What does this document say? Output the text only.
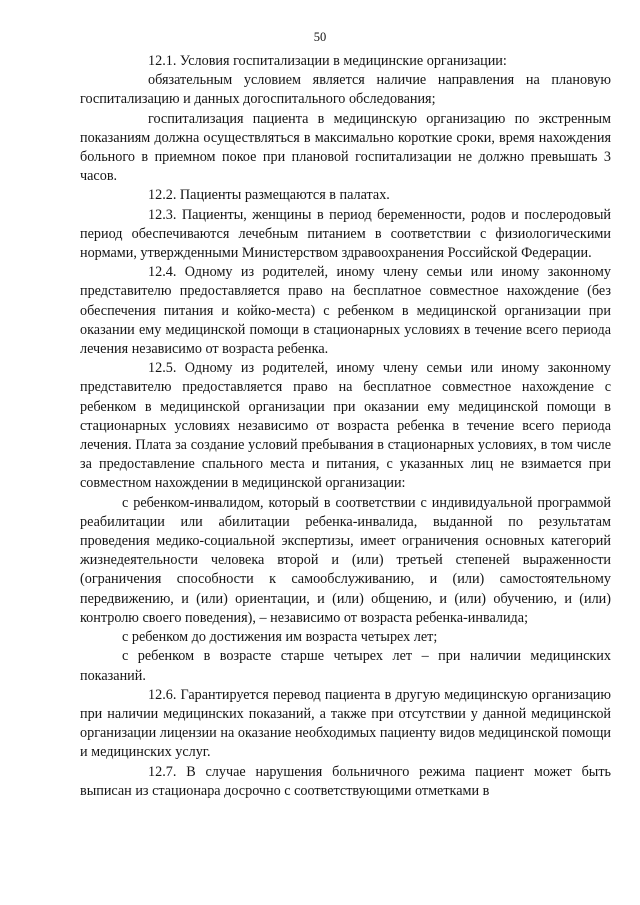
50

12.1. Условия госпитализации в медицинские организации:

обязательным условием является наличие направления на плановую госпитализацию и данных догоспитального обследования;

госпитализация пациента в медицинскую организацию по экстренным показаниям должна осуществляться в максимально короткие сроки, время нахождения больного в приемном покое при плановой госпитализации не должно превышать 3 часов.

12.2. Пациенты размещаются в палатах.

12.3. Пациенты, женщины в период беременности, родов и послеродовый период обеспечиваются лечебным питанием в соответствии с физиологическими нормами, утвержденными Министерством здравоохранения Российской Федерации.

12.4. Одному из родителей, иному члену семьи или иному законному представителю предоставляется право на бесплатное совместное нахождение (без обеспечения питания и койко-места) с ребенком в медицинской организации при оказании ему медицинской помощи в стационарных условиях в течение всего периода лечения независимо от возраста ребенка.

12.5. Одному из родителей, иному члену семьи или иному законному представителю предоставляется право на бесплатное совместное нахождение с ребенком в медицинской организации при оказании ему медицинской помощи в стационарных условиях независимо от возраста ребенка в течение всего периода лечения. Плата за создание условий пребывания в стационарных условиях, в том числе за предоставление спального места и питания, с указанных лиц не взимается при совместном нахождении в медицинской организации:

с ребенком-инвалидом, который в соответствии с индивидуальной программой реабилитации или абилитации ребенка-инвалида, выданной по результатам проведения медико-социальной экспертизы, имеет ограничения основных категорий жизнедеятельности человека второй и (или) третьей степеней выраженности (ограничения способности к самообслуживанию, и (или) самостоятельному передвижению, и (или) ориентации, и (или) общению, и (или) обучению, и (или) контролю своего поведения), – независимо от возраста ребенка-инвалида;

с ребенком до достижения им возраста четырех лет;

с ребенком в возрасте старше четырех лет – при наличии медицинских показаний.

12.6. Гарантируется перевод пациента в другую медицинскую организацию при наличии медицинских показаний, а также при отсутствии у данной медицинской организации лицензии на оказание необходимых пациенту видов медицинской помощи и медицинских услуг.

12.7. В случае нарушения больничного режима пациент может быть выписан из стационара досрочно с соответствующими отметками в
